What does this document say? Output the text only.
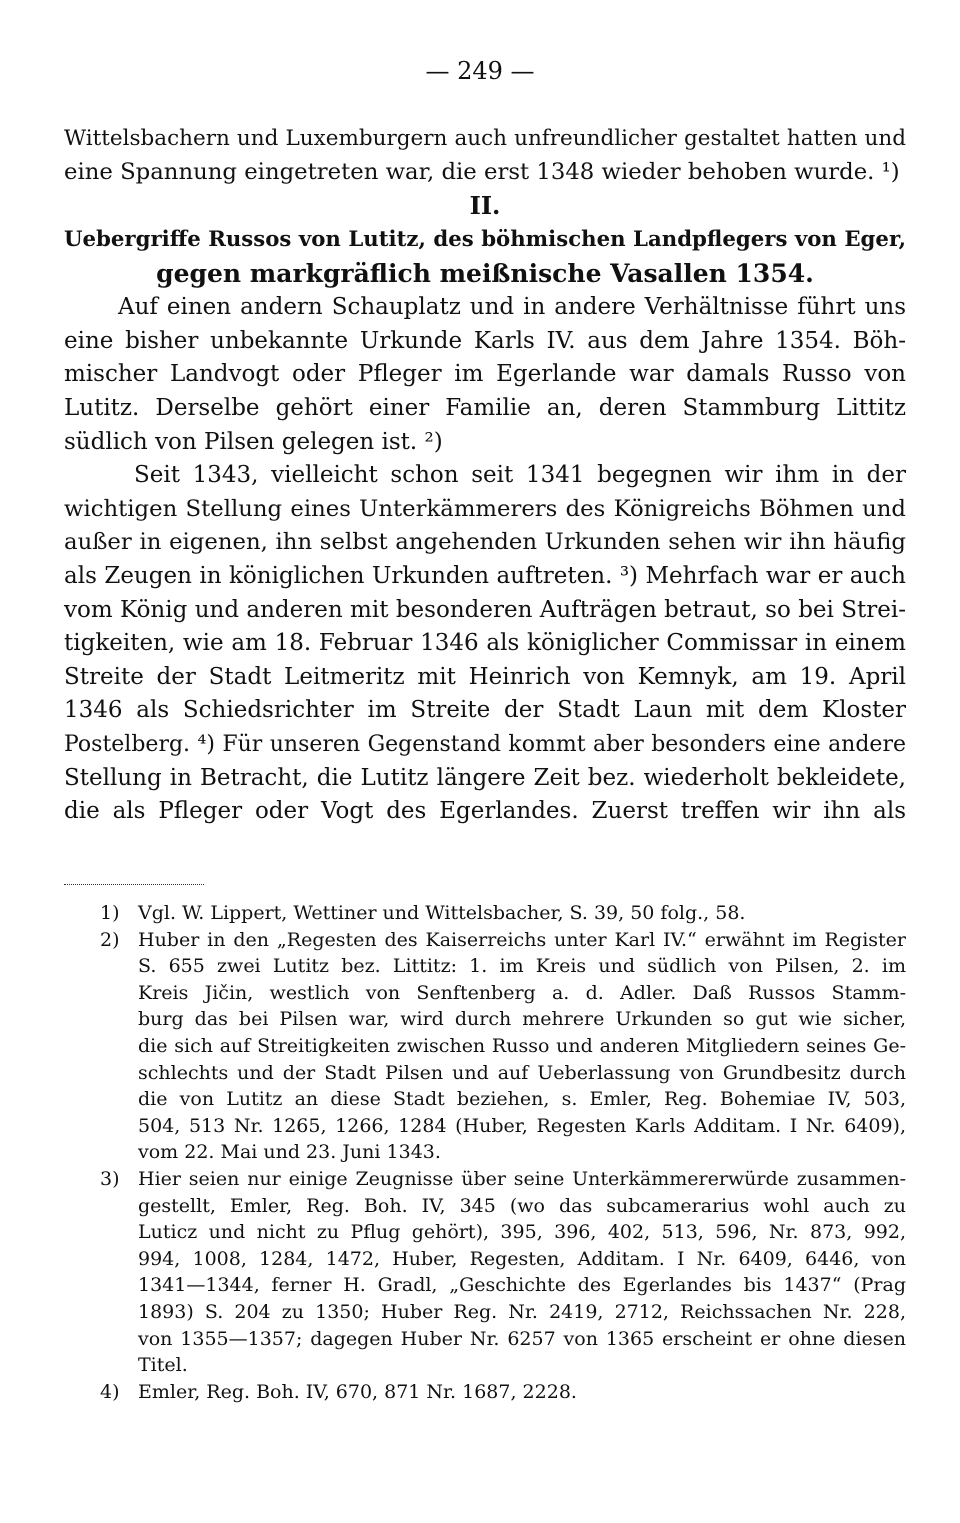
— 249 —
Wittelsbachern und Luxemburgern auch unfreundlicher gestaltet hatten und
eine Spannung eingetreten war, die erst 1348 wieder behoben wurde. ¹)
II.
Uebergriffe Russos von Lutitz, des böhmischen Landpflegers von Eger,
gegen markgräflich meißnische Vasallen 1354.
Auf einen andern Schauplatz und in andere Verhältnisse führt uns
eine bisher unbekannte Urkunde Karls IV. aus dem Jahre 1354. Böh-
mischer Landvogt oder Pfleger im Egerlande war damals Russo von
Lutitz. Derselbe gehört einer Familie an, deren Stammburg Littitz
südlich von Pilsen gelegen ist. ²)
Seit 1343, vielleicht schon seit 1341 begegnen wir ihm in der
wichtigen Stellung eines Unterkämmerers des Königreichs Böhmen und
außer in eigenen, ihn selbst angehenden Urkunden sehen wir ihn häufig
als Zeugen in königlichen Urkunden auftreten. ³) Mehrfach war er auch
vom König und anderen mit besonderen Aufträgen betraut, so bei Strei-
tigkeiten, wie am 18. Februar 1346 als königlicher Commissar in einem
Streite der Stadt Leitmeritz mit Heinrich von Kemnyk, am 19. April
1346 als Schiedsrichter im Streite der Stadt Laun mit dem Kloster
Postelberg. ⁴) Für unseren Gegenstand kommt aber besonders eine andere
Stellung in Betracht, die Lutitz längere Zeit bez. wiederholt bekleidete,
die als Pfleger oder Vogt des Egerlandes. Zuerst treffen wir ihn als
1) Vgl. W. Lippert, Wettiner und Wittelsbacher, S. 39, 50 folg., 58.
2) Huber in den „Regesten des Kaiserreichs unter Karl IV.“ erwähnt im Register
S. 655 zwei Lutitz bez. Littitz: 1. im Kreis und südlich von Pilsen, 2. im
Kreis Jičin, westlich von Senftenberg a. d. Adler. Daß Russos Stamm-
burg das bei Pilsen war, wird durch mehrere Urkunden so gut wie sicher,
die sich auf Streitigkeiten zwischen Russo und anderen Mitgliedern seines Ge-
schlechts und der Stadt Pilsen und auf Ueberlassung von Grundbesitz durch
die von Lutitz an diese Stadt beziehen, s. Emler, Reg. Bohemiae IV, 503,
504, 513 Nr. 1265, 1266, 1284 (Huber, Regesten Karls Additam. I Nr. 6409),
vom 22. Mai und 23. Juni 1343.
3) Hier seien nur einige Zeugnisse über seine Unterkämmererwürde zusammen-
gestellt, Emler, Reg. Boh. IV, 345 (wo das subcamerarius wohl auch zu
Luticz und nicht zu Pflug gehört), 395, 396, 402, 513, 596, Nr. 873, 992,
994, 1008, 1284, 1472, Huber, Regesten, Additam. I Nr. 6409, 6446, von
1341—1344, ferner H. Gradl, „Geschichte des Egerlandes bis 1437“ (Prag
1893) S. 204 zu 1350; Huber Reg. Nr. 2419, 2712, Reichssachen Nr. 228,
von 1355—1357; dagegen Huber Nr. 6257 von 1365 erscheint er ohne diesen
Titel.
4) Emler, Reg. Boh. IV, 670, 871 Nr. 1687, 2228.
